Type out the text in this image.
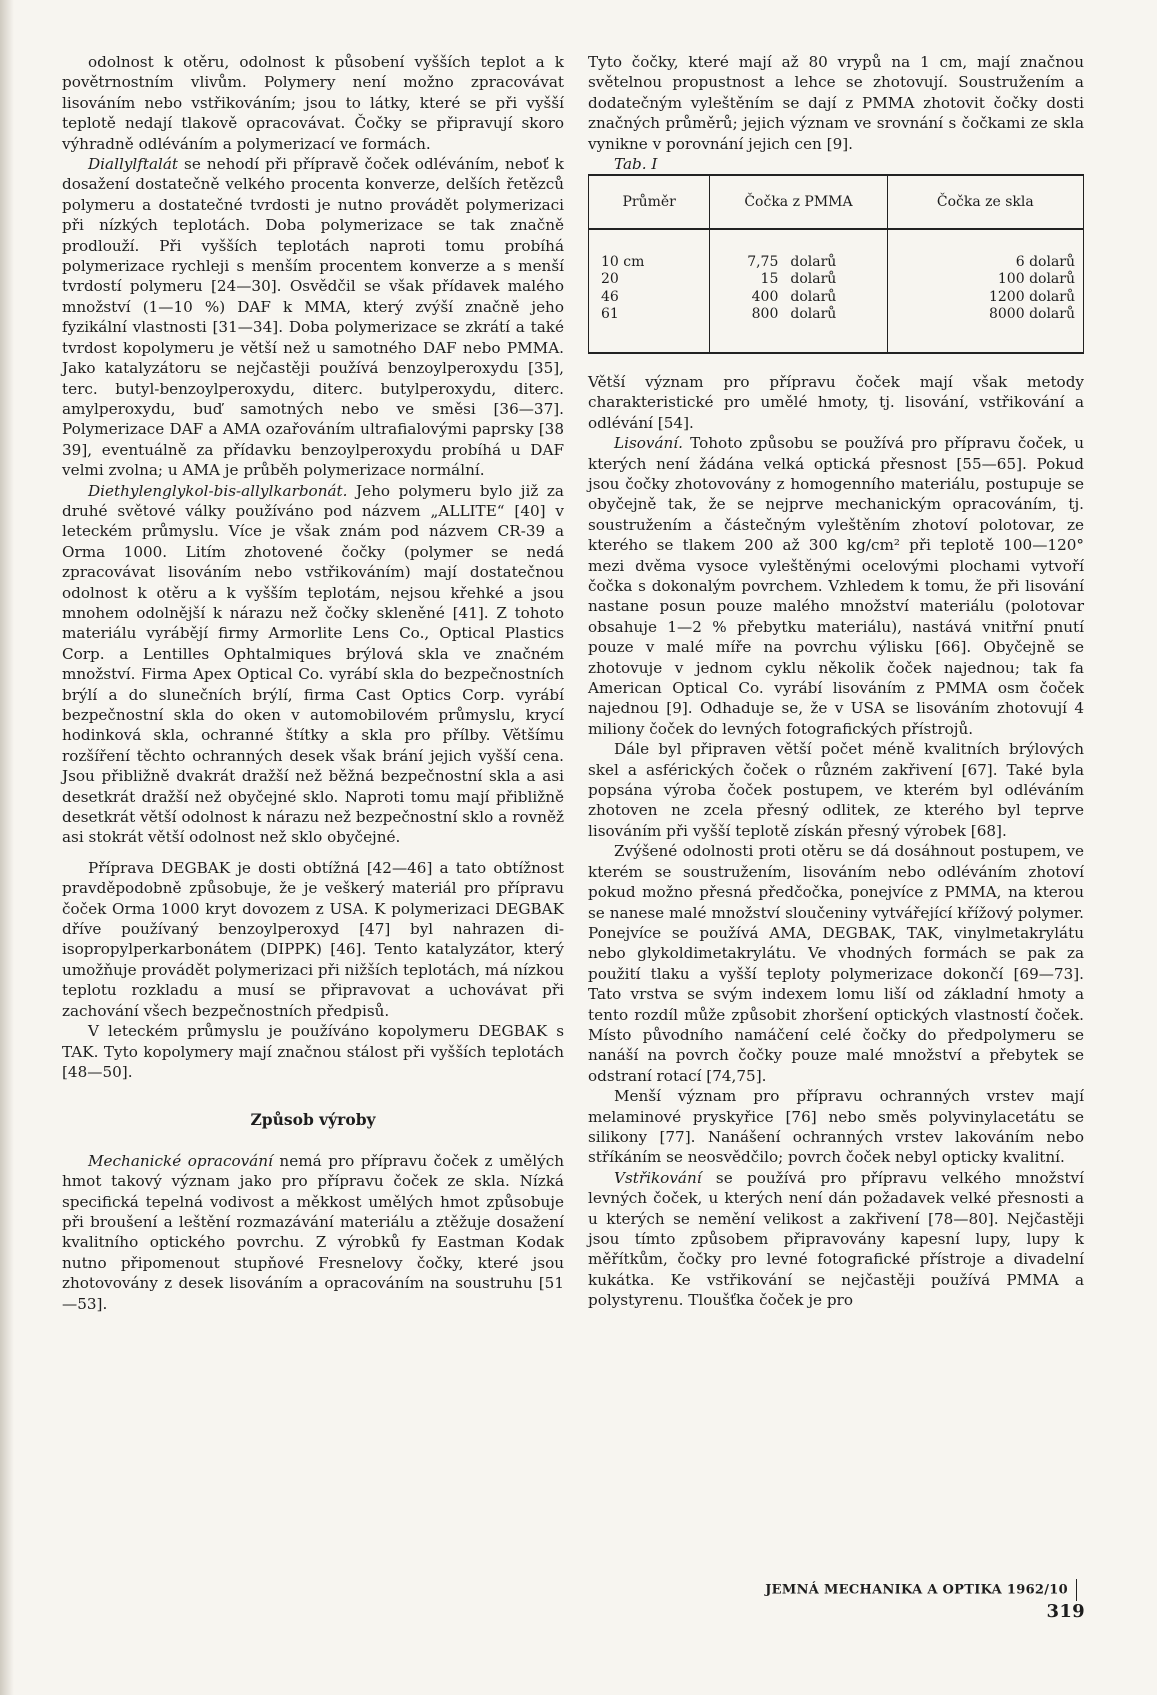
odolnost k otěru, odolnost k působení vyšších teplot a k povětrnostním vlivům. Polymery není možno zpracovávat lisováním nebo vstřikováním; jsou to látky, které se při vyšší teplotě nedají tlakově opracovávat. Čočky se připravují skoro výhradně odléváním a polymerizací ve formách.

Diallylftalát se nehodí při přípravě čoček odléváním, neboť k dosažení dostatečně velkého procenta konverze, delších řetězců polymeru a dostatečné tvrdosti je nutno provádět polymerizaci při nízkých teplotách. Doba polymerizace se tak značně prodlouží. Při vyšších teplotách naproti tomu probíhá polymerizace rychleji s menším procentem konverze a s menší tvrdostí polymeru [24—30]. Osvědčil se však přídavek malého množství (1—10 %) DAF k MMA, který zvýší značně jeho fyzikální vlastnosti [31—34]. Doba polymerizace se zkrátí a také tvrdost kopolymeru je větší než u samotného DAF nebo PMMA. Jako katalyzátoru se nejčastěji používá benzoylperoxydu [35], terc. butyl-benzoylperoxydu, diterc. butylperoxydu, diterc. amylperoxydu, buď samotných nebo ve směsi [36—37]. Polymerizace DAF a AMA ozařováním ultrafialovými paprsky [38 39], eventuálně za přídavku benzoylperoxydu probíhá u DAF velmi zvolna; u AMA je průběh polymerizace normální.

Diethylenglykol-bis-allylkarbonát. Jeho polymeru bylo již za druhé světové války používáno pod názvem „ALLITE“ [40] v leteckém průmyslu. Více je však znám pod názvem CR-39 a Orma 1000. Litím zhotovené čočky (polymer se nedá zpracovávat lisováním nebo vstřikováním) mají dostatečnou odolnost k otěru a k vyšším teplotám, nejsou křehké a jsou mnohem odolnější k nárazu než čočky skleněné [41]. Z tohoto materiálu vyrábějí firmy Armorlite Lens Co., Optical Plastics Corp. a Lentilles Ophtalmiques brýlová skla ve značném množství. Firma Apex Optical Co. vyrábí skla do bezpečnostních brýlí a do slunečních brýlí, firma Cast Optics Corp. vyrábí bezpečnostní skla do oken v automobilovém průmyslu, krycí hodinková skla, ochranné štítky a skla pro přílby. Většímu rozšíření těchto ochranných desek však brání jejich vyšší cena. Jsou přibližně dvakrát dražší než běžná bezpečnostní skla a asi desetkrát dražší než obyčejné sklo. Naproti tomu mají přibližně desetkrát větší odolnost k nárazu než bezpečnostní sklo a rovněž asi stokrát větší odolnost než sklo obyčejné.

Příprava DEGBAK je dosti obtížná [42—46] a tato obtížnost pravděpodobně způsobuje, že je veškerý materiál pro přípravu čoček Orma 1000 kryt dovozem z USA. K polymerizaci DEGBAK dříve používaný benzoylperoxyd [47] byl nahrazen di-isopropylperkarbonátem (DIPPK) [46]. Tento katalyzátor, který umožňuje provádět polymerizaci při nižších teplotách, má nízkou teplotu rozkladu a musí se připravovat a uchovávat při zachování všech bezpečnostních předpisů.

V leteckém průmyslu je používáno kopolymeru DEGBAK s TAK. Tyto kopolymery mají značnou stálost při vyšších teplotách [48—50].

Způsob výroby

Mechanické opracování nemá pro přípravu čoček z umělých hmot takový význam jako pro přípravu čoček ze skla. Nízká specifická tepelná vodivost a měkkost umělých hmot způsobuje při broušení a leštění rozmazávání materiálu a ztěžuje dosažení kvalitního optického povrchu. Z výrobků fy Eastman Kodak nutno připomenout stupňové Fresnelovy čočky, které jsou zhotovovány z desek lisováním a opracováním na soustruhu [51—53].

Tyto čočky, které mají až 80 vrypů na 1 cm, mají značnou světelnou propustnost a lehce se zhotovují. Soustružením a dodatečným vyleštěním se dají z PMMA zhotovit čočky dosti značných průměrů; jejich význam ve srovnání s čočkami ze skla vynikne v porovnání jejich cen [9].

Tab. I

Průměr	Čočka z PMMA		Čočka ze skla
10 cm	7,75	dolarů	6 dolarů
20	15	dolarů	100 dolarů
46	400	dolarů	1200 dolarů
61	800	dolarů	8000 dolarů

Větší význam pro přípravu čoček mají však metody charakteristické pro umělé hmoty, tj. lisování, vstřikování a odlévání [54].

Lisování. Tohoto způsobu se používá pro přípravu čoček, u kterých není žádána velká optická přesnost [55—65]. Pokud jsou čočky zhotovovány z homogenního materiálu, postupuje se obyčejně tak, že se nejprve mechanickým opracováním, tj. soustružením a částečným vyleštěním zhotoví polotovar, ze kterého se tlakem 200 až 300 kg/cm² při teplotě 100—120° mezi dvěma vysoce vyleštěnými ocelovými plochami vytvoří čočka s dokonalým povrchem. Vzhledem k tomu, že při lisování nastane posun pouze malého množství materiálu (polotovar obsahuje 1—2 % přebytku materiálu), nastává vnitřní pnutí pouze v malé míře na povrchu výlisku [66]. Obyčejně se zhotovuje v jednom cyklu několik čoček najednou; tak fa American Optical Co. vyrábí lisováním z PMMA osm čoček najednou [9]. Odhaduje se, že v USA se lisováním zhotovují 4 miliony čoček do levných fotografických přístrojů.

Dále byl připraven větší počet méně kvalitních brýlových skel a asférických čoček o různém zakřivení [67]. Také byla popsána výroba čoček postupem, ve kterém byl odléváním zhotoven ne zcela přesný odlitek, ze kterého byl teprve lisováním při vyšší teplotě získán přesný výrobek [68].

Zvýšené odolnosti proti otěru se dá dosáhnout postupem, ve kterém se soustružením, lisováním nebo odléváním zhotoví pokud možno přesná předčočka, ponejvíce z PMMA, na kterou se nanese malé množství sloučeniny vytvářející křížový polymer. Ponejvíce se používá AMA, DEGBAK, TAK, vinylmetakrylátu nebo glykoldimetakrylátu. Ve vhodných formách se pak za použití tlaku a vyšší teploty polymerizace dokončí [69—73]. Tato vrstva se svým indexem lomu liší od základní hmoty a tento rozdíl může způsobit zhoršení optických vlastností čoček. Místo původního namáčení celé čočky do předpolymeru se nanáší na povrch čočky pouze malé množství a přebytek se odstraní rotací [74,75].

Menší význam pro přípravu ochranných vrstev mají melaminové pryskyřice [76] nebo směs polyvinylacetátu se silikony [77]. Nanášení ochranných vrstev lakováním nebo stříkáním se neosvědčilo; povrch čoček nebyl opticky kvalitní.

Vstřikování se používá pro přípravu velkého množství levných čoček, u kterých není dán požadavek velké přesnosti a u kterých se nemění velikost a zakřivení [78—80]. Nejčastěji jsou tímto způsobem připravovány kapesní lupy, lupy k měřítkům, čočky pro levné fotografické přístroje a divadelní kukátka. Ke vstřikování se nejčastěji používá PMMA a polystyrenu. Tloušťka čoček je pro

JEMNÁ MECHANIKA A OPTIKA 1962/10319
